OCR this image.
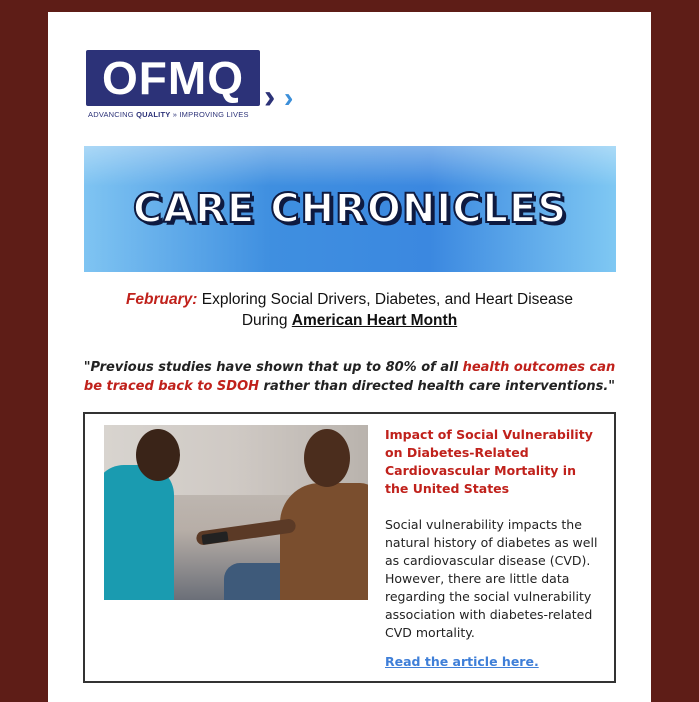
OFMQ › ›
ADVANCING QUALITY » IMPROVING LIVES
CARE CHRONICLES
February: Exploring Social Drivers, Diabetes, and Heart Disease
During American Heart Month
"Previous studies have shown that up to 80% of all health outcomes can be traced back to SDOH rather than directed health care interventions."
Impact of Social Vulnerability on Diabetes-Related Cardiovascular Mortality in the United States
Social vulnerability impacts the natural history of diabetes as well as cardiovascular disease (CVD). However, there are little data regarding the social vulnerability association with diabetes-related CVD mortality.
Read the article here.
